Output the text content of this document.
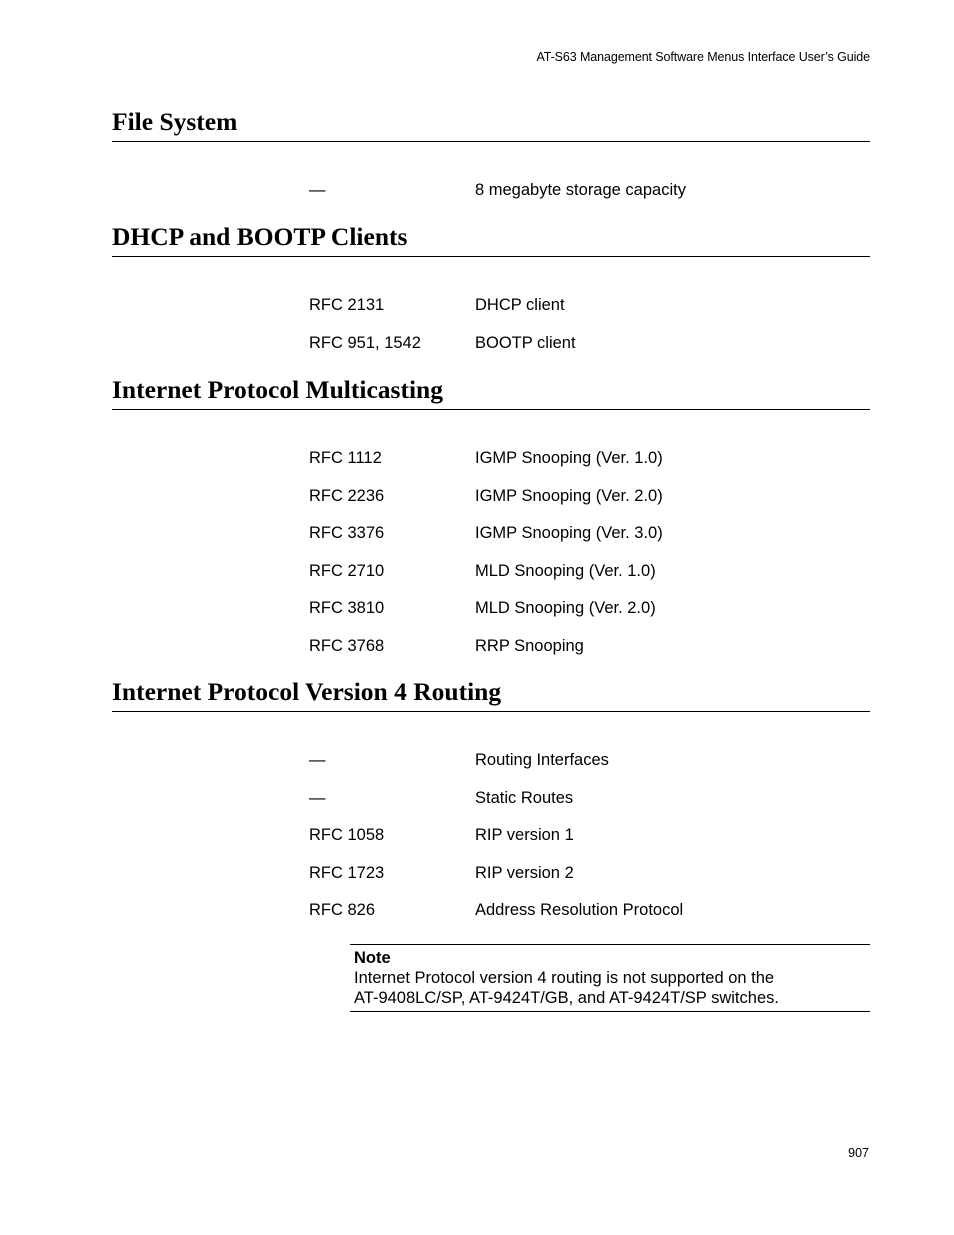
AT-S63 Management Software Menus Interface User’s Guide
File System
—	8 megabyte storage capacity
DHCP and BOOTP Clients
RFC 2131	DHCP client
RFC 951, 1542	BOOTP client
Internet Protocol Multicasting
RFC 1112	IGMP Snooping (Ver. 1.0)
RFC 2236	IGMP Snooping (Ver. 2.0)
RFC 3376	IGMP Snooping (Ver. 3.0)
RFC 2710	MLD Snooping (Ver. 1.0)
RFC 3810	MLD Snooping (Ver. 2.0)
RFC 3768	RRP Snooping
Internet Protocol Version 4 Routing
—	Routing Interfaces
—	Static Routes
RFC 1058	RIP version 1
RFC 1723	RIP version 2
RFC 826	Address Resolution Protocol
Note
Internet Protocol version 4 routing is not supported on the
AT-9408LC/SP, AT-9424T/GB, and AT-9424T/SP switches.
907
